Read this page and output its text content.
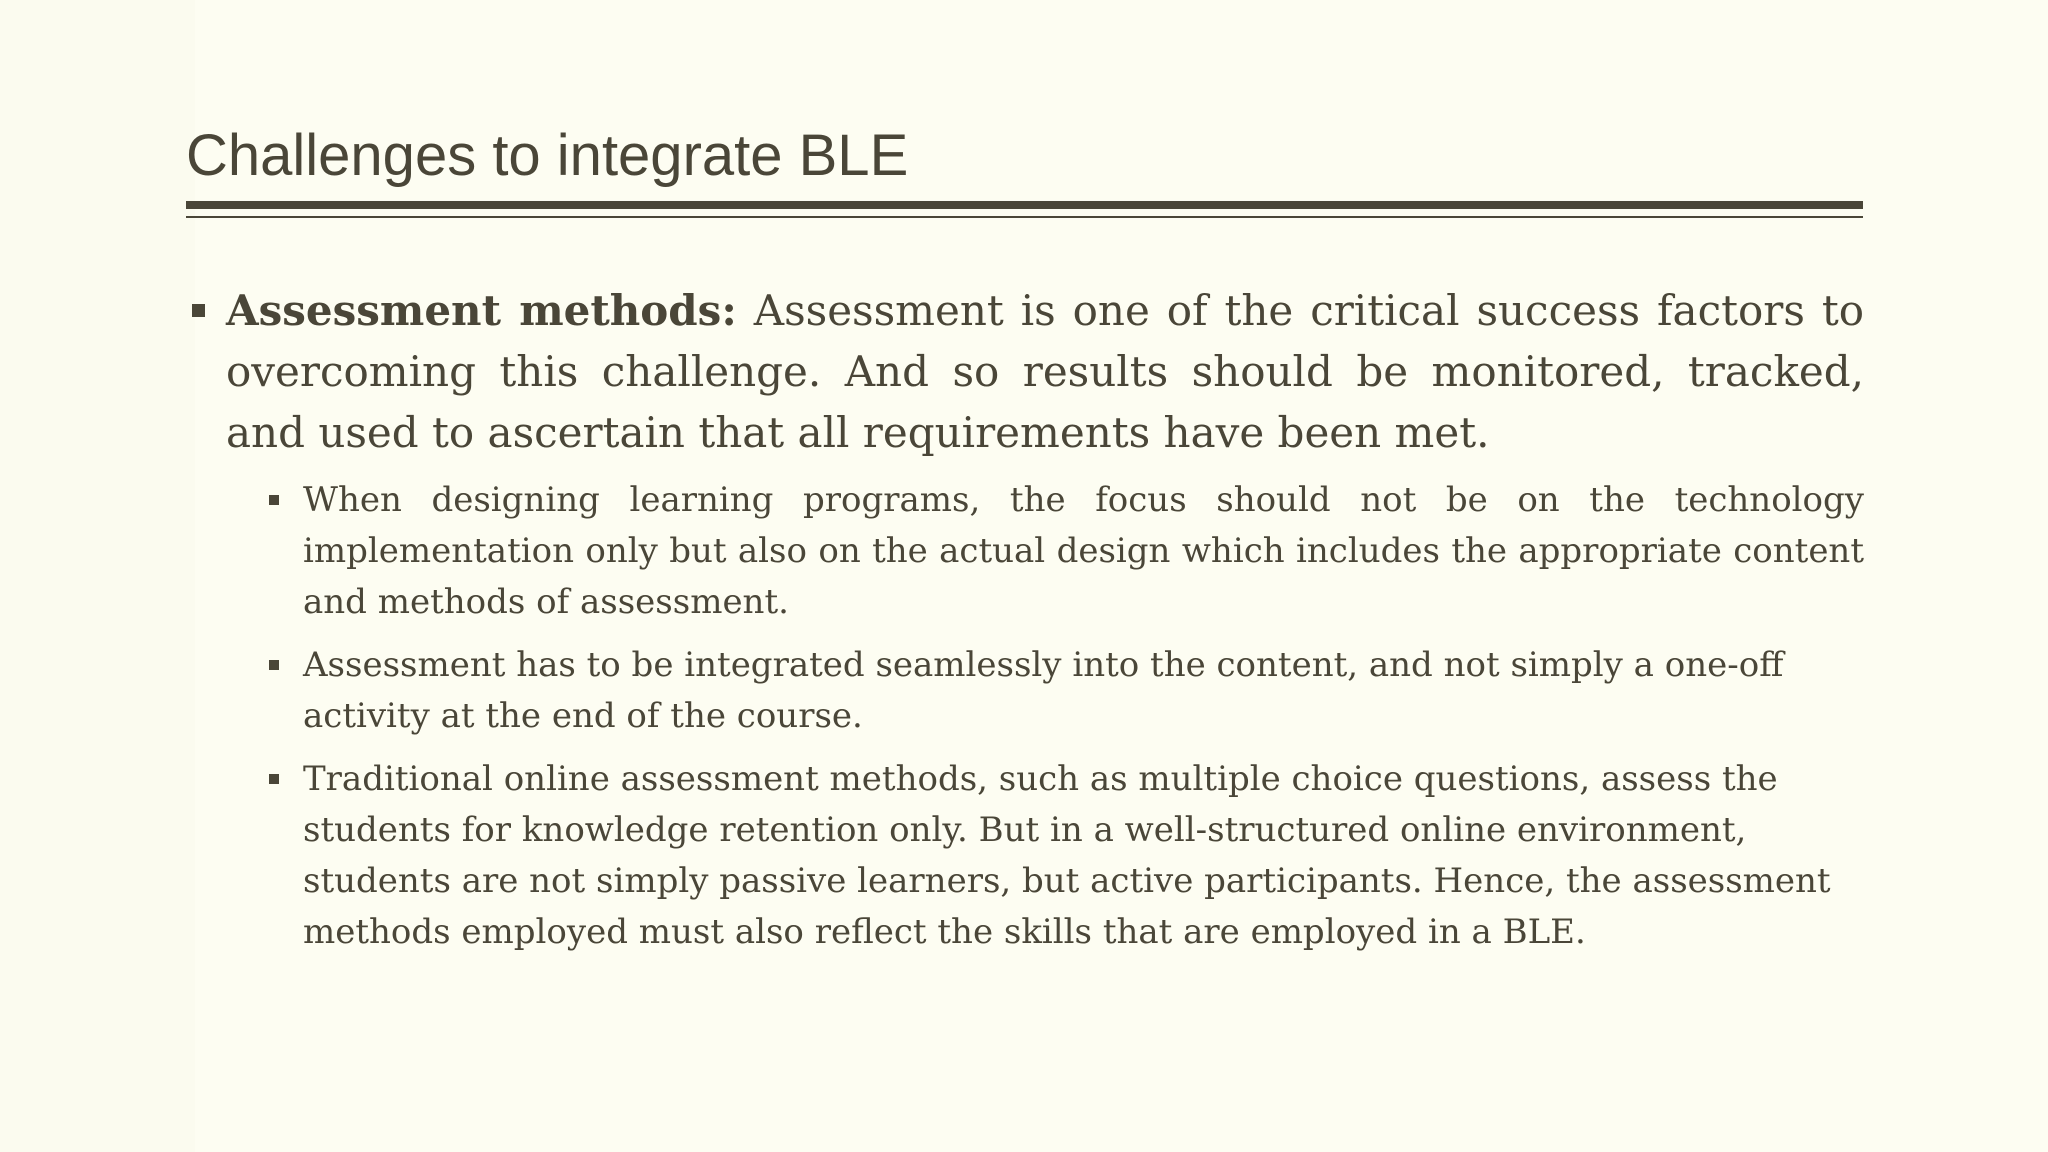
Challenges to integrate BLE
Assessment methods: Assessment is one of the critical success factors to overcoming this challenge. And so results should be monitored, tracked, and used to ascertain that all requirements have been met.
When designing learning programs, the focus should not be on the technology implementation only but also on the actual design which includes the appropriate content and methods of assessment.
Assessment has to be integrated seamlessly into the content, and not simply a one-off activity at the end of the course.
Traditional online assessment methods, such as multiple choice questions, assess the students for knowledge retention only. But in a well-structured online environment, students are not simply passive learners, but active participants. Hence, the assessment methods employed must also reflect the skills that are employed in a BLE.
